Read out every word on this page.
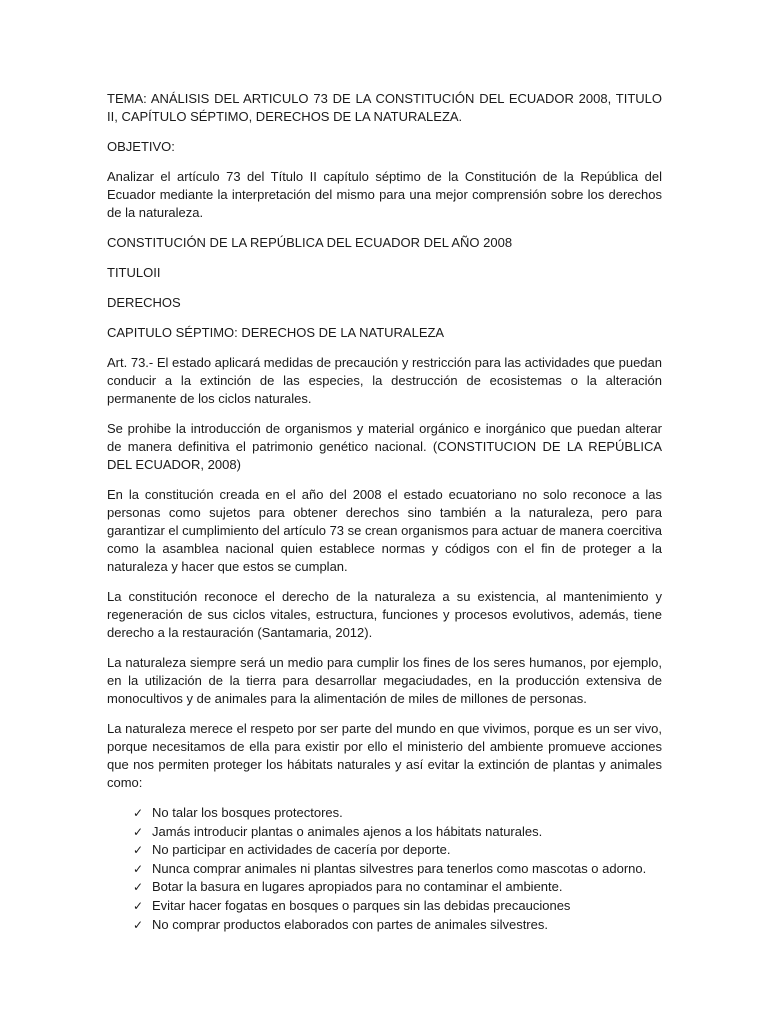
TEMA: ANÁLISIS DEL ARTICULO 73 DE LA CONSTITUCIÓN DEL ECUADOR 2008, TITULO II, CAPÍTULO SÉPTIMO, DERECHOS DE LA NATURALEZA.

OBJETIVO:

Analizar el artículo 73 del Título II capítulo séptimo de la Constitución de la República del Ecuador mediante la interpretación del mismo para una mejor comprensión sobre los derechos de la naturaleza.

CONSTITUCIÓN DE LA REPÚBLICA DEL ECUADOR DEL AÑO 2008

TITULOII

DERECHOS

CAPITULO SÉPTIMO: DERECHOS DE LA NATURALEZA

Art. 73.- El estado aplicará medidas de precaución y restricción para las actividades que puedan conducir a la extinción de las especies, la destrucción de ecosistemas o la alteración permanente de los ciclos naturales.

Se prohibe la introducción de organismos y material orgánico e inorgánico que puedan alterar de manera definitiva el patrimonio genético nacional. (CONSTITUCION DE LA REPÚBLICA DEL ECUADOR, 2008)

En la constitución creada en el año del 2008 el estado ecuatoriano no solo reconoce a las personas como sujetos para obtener derechos sino también a la naturaleza, pero para garantizar el cumplimiento del artículo 73 se crean organismos para actuar de manera coercitiva como la asamblea nacional quien establece normas y códigos con el fin de proteger a la naturaleza y hacer que estos se cumplan.

La constitución reconoce el derecho de la naturaleza a su existencia, al mantenimiento y regeneración de sus ciclos vitales, estructura, funciones y procesos evolutivos, además, tiene derecho a la restauración (Santamaria, 2012).

La naturaleza siempre será un medio para cumplir los fines de los seres humanos, por ejemplo, en la utilización de la tierra para desarrollar megaciudades, en la producción extensiva de monocultivos y de animales para la alimentación de miles de millones de personas.

La naturaleza merece el respeto por ser parte del mundo en que vivimos, porque es un ser vivo, porque necesitamos de ella para existir por ello el ministerio del ambiente promueve acciones que nos permiten proteger los hábitats naturales y así evitar la extinción de plantas y animales como:

✓ No talar los bosques protectores.
✓ Jamás introducir plantas o animales ajenos a los hábitats naturales.
✓ No participar en actividades de cacería por deporte.
✓ Nunca comprar animales ni plantas silvestres para tenerlos como mascotas o adorno.
✓ Botar la basura en lugares apropiados para no contaminar el ambiente.
✓ Evitar hacer fogatas en bosques o parques sin las debidas precauciones
✓ No comprar productos elaborados con partes de animales silvestres.
